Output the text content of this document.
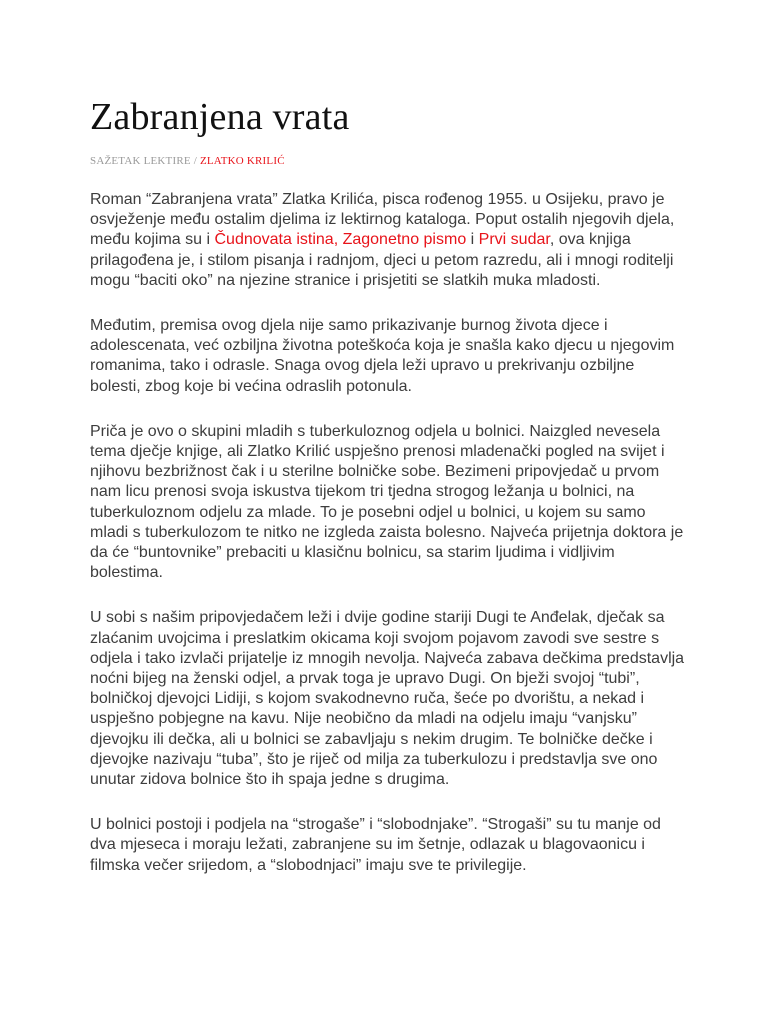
Zabranjena vrata
SAŽETAK LEKTIRE / ZLATKO KRILIĆ

Roman “Zabranjena vrata” Zlatka Krilića, pisca rođenog 1955. u Osijeku, pravo je osvježenje među ostalim djelima iz lektirnog kataloga. Poput ostalih njegovih djela, među kojima su i Čudnovata istina, Zagonetno pismo i Prvi sudar, ova knjiga prilagođena je, i stilom pisanja i radnjom, djeci u petom razredu, ali i mnogi roditelji mogu “baciti oko” na njezine stranice i prisjetiti se slatkih muka mladosti.

Međutim, premisa ovog djela nije samo prikazivanje burnog života djece i adolescenata, već ozbiljna životna poteškoća koja je snašla kako djecu u njegovim romanima, tako i odrasle. Snaga ovog djela leži upravo u prekrivanju ozbiljne bolesti, zbog koje bi većina odraslih potonula.

Priča je ovo o skupini mladih s tuberkuloznog odjela u bolnici. Naizgled nevesela tema dječje knjige, ali Zlatko Krilić uspješno prenosi mladenački pogled na svijet i njihovu bezbrižnost čak i u sterilne bolničke sobe. Bezimeni pripovjedač u prvom nam licu prenosi svoja iskustva tijekom tri tjedna strogog ležanja u bolnici, na tuberkuloznom odjelu za mlade. To je posebni odjel u bolnici, u kojem su samo mladi s tuberkulozom te nitko ne izgleda zaista bolesno. Najveća prijetnja doktora je da će “buntovnike” prebaciti u klasičnu bolnicu, sa starim ljudima i vidljivim bolestima.

U sobi s našim pripovjedačem leži i dvije godine stariji Dugi te Anđelak, dječak sa zlaćanim uvojcima i preslatkim okicama koji svojom pojavom zavodi sve sestre s odjela i tako izvlači prijatelje iz mnogih nevolja. Najveća zabava dečkima predstavlja noćni bijeg na ženski odjel, a prvak toga je upravo Dugi. On bježi svojoj “tubi”, bolničkoj djevojci Lidiji, s kojom svakodnevno ruča, šeće po dvorištu, a nekad i uspješno pobjegne na kavu. Nije neobično da mladi na odjelu imaju “vanjsku” djevojku ili dečka, ali u bolnici se zabavljaju s nekim drugim. Te bolničke dečke i djevojke nazivaju “tuba”, što je riječ od milja za tuberkulozu i predstavlja sve ono unutar zidova bolnice što ih spaja jedne s drugima.

U bolnici postoji i podjela na “strogaše” i “slobodnjake”. “Strogaši” su tu manje od dva mjeseca i moraju ležati, zabranjene su im šetnje, odlazak u blagovaonicu i filmska večer srijedom, a “slobodnjaci” imaju sve te privilegije.
